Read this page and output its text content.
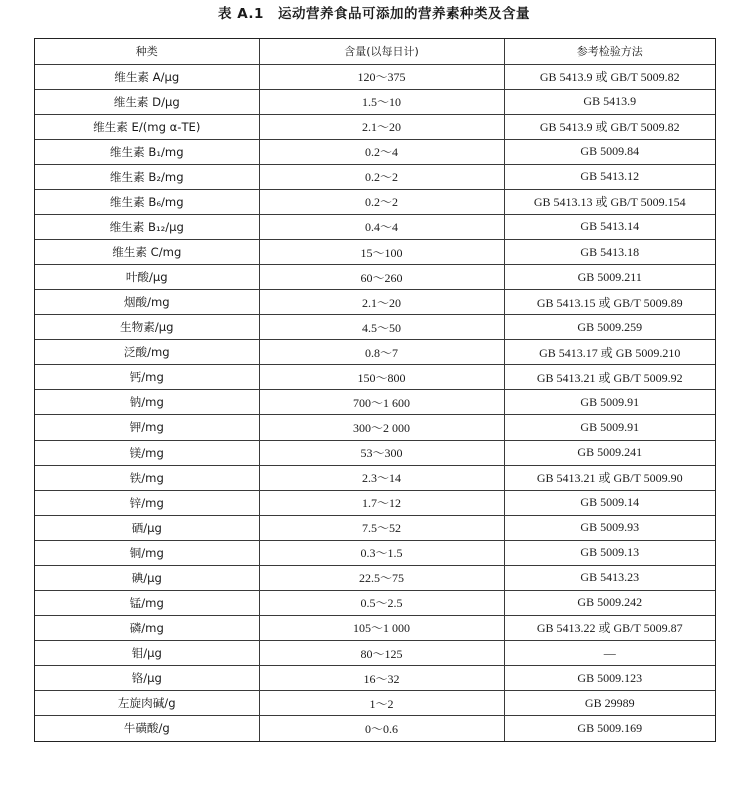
表 A.1　运动营养食品可添加的营养素种类及含量
种类	含量(以每日计)	参考检验方法
维生素 A/μg	120～375	GB 5413.9 或 GB/T 5009.82
维生素 D/μg	1.5～10	GB 5413.9
维生素 E/(mg α-TE)	2.1～20	GB 5413.9 或 GB/T 5009.82
维生素 B₁/mg	0.2～4	GB 5009.84
维生素 B₂/mg	0.2～2	GB 5413.12
维生素 B₆/mg	0.2～2	GB 5413.13 或 GB/T 5009.154
维生素 B₁₂/μg	0.4～4	GB 5413.14
维生素 C/mg	15～100	GB 5413.18
叶酸/μg	60～260	GB 5009.211
烟酸/mg	2.1～20	GB 5413.15 或 GB/T 5009.89
生物素/μg	4.5～50	GB 5009.259
泛酸/mg	0.8～7	GB 5413.17 或 GB 5009.210
钙/mg	150～800	GB 5413.21 或 GB/T 5009.92
钠/mg	700～1 600	GB 5009.91
钾/mg	300～2 000	GB 5009.91
镁/mg	53～300	GB 5009.241
铁/mg	2.3～14	GB 5413.21 或 GB/T 5009.90
锌/mg	1.7～12	GB 5009.14
硒/μg	7.5～52	GB 5009.93
铜/mg	0.3～1.5	GB 5009.13
碘/μg	22.5～75	GB 5413.23
锰/mg	0.5～2.5	GB 5009.242
磷/mg	105～1 000	GB 5413.22 或 GB/T 5009.87
钼/μg	80～125	—
铬/μg	16～32	GB 5009.123
左旋肉碱/g	1～2	GB 29989
牛磺酸/g	0～0.6	GB 5009.169
